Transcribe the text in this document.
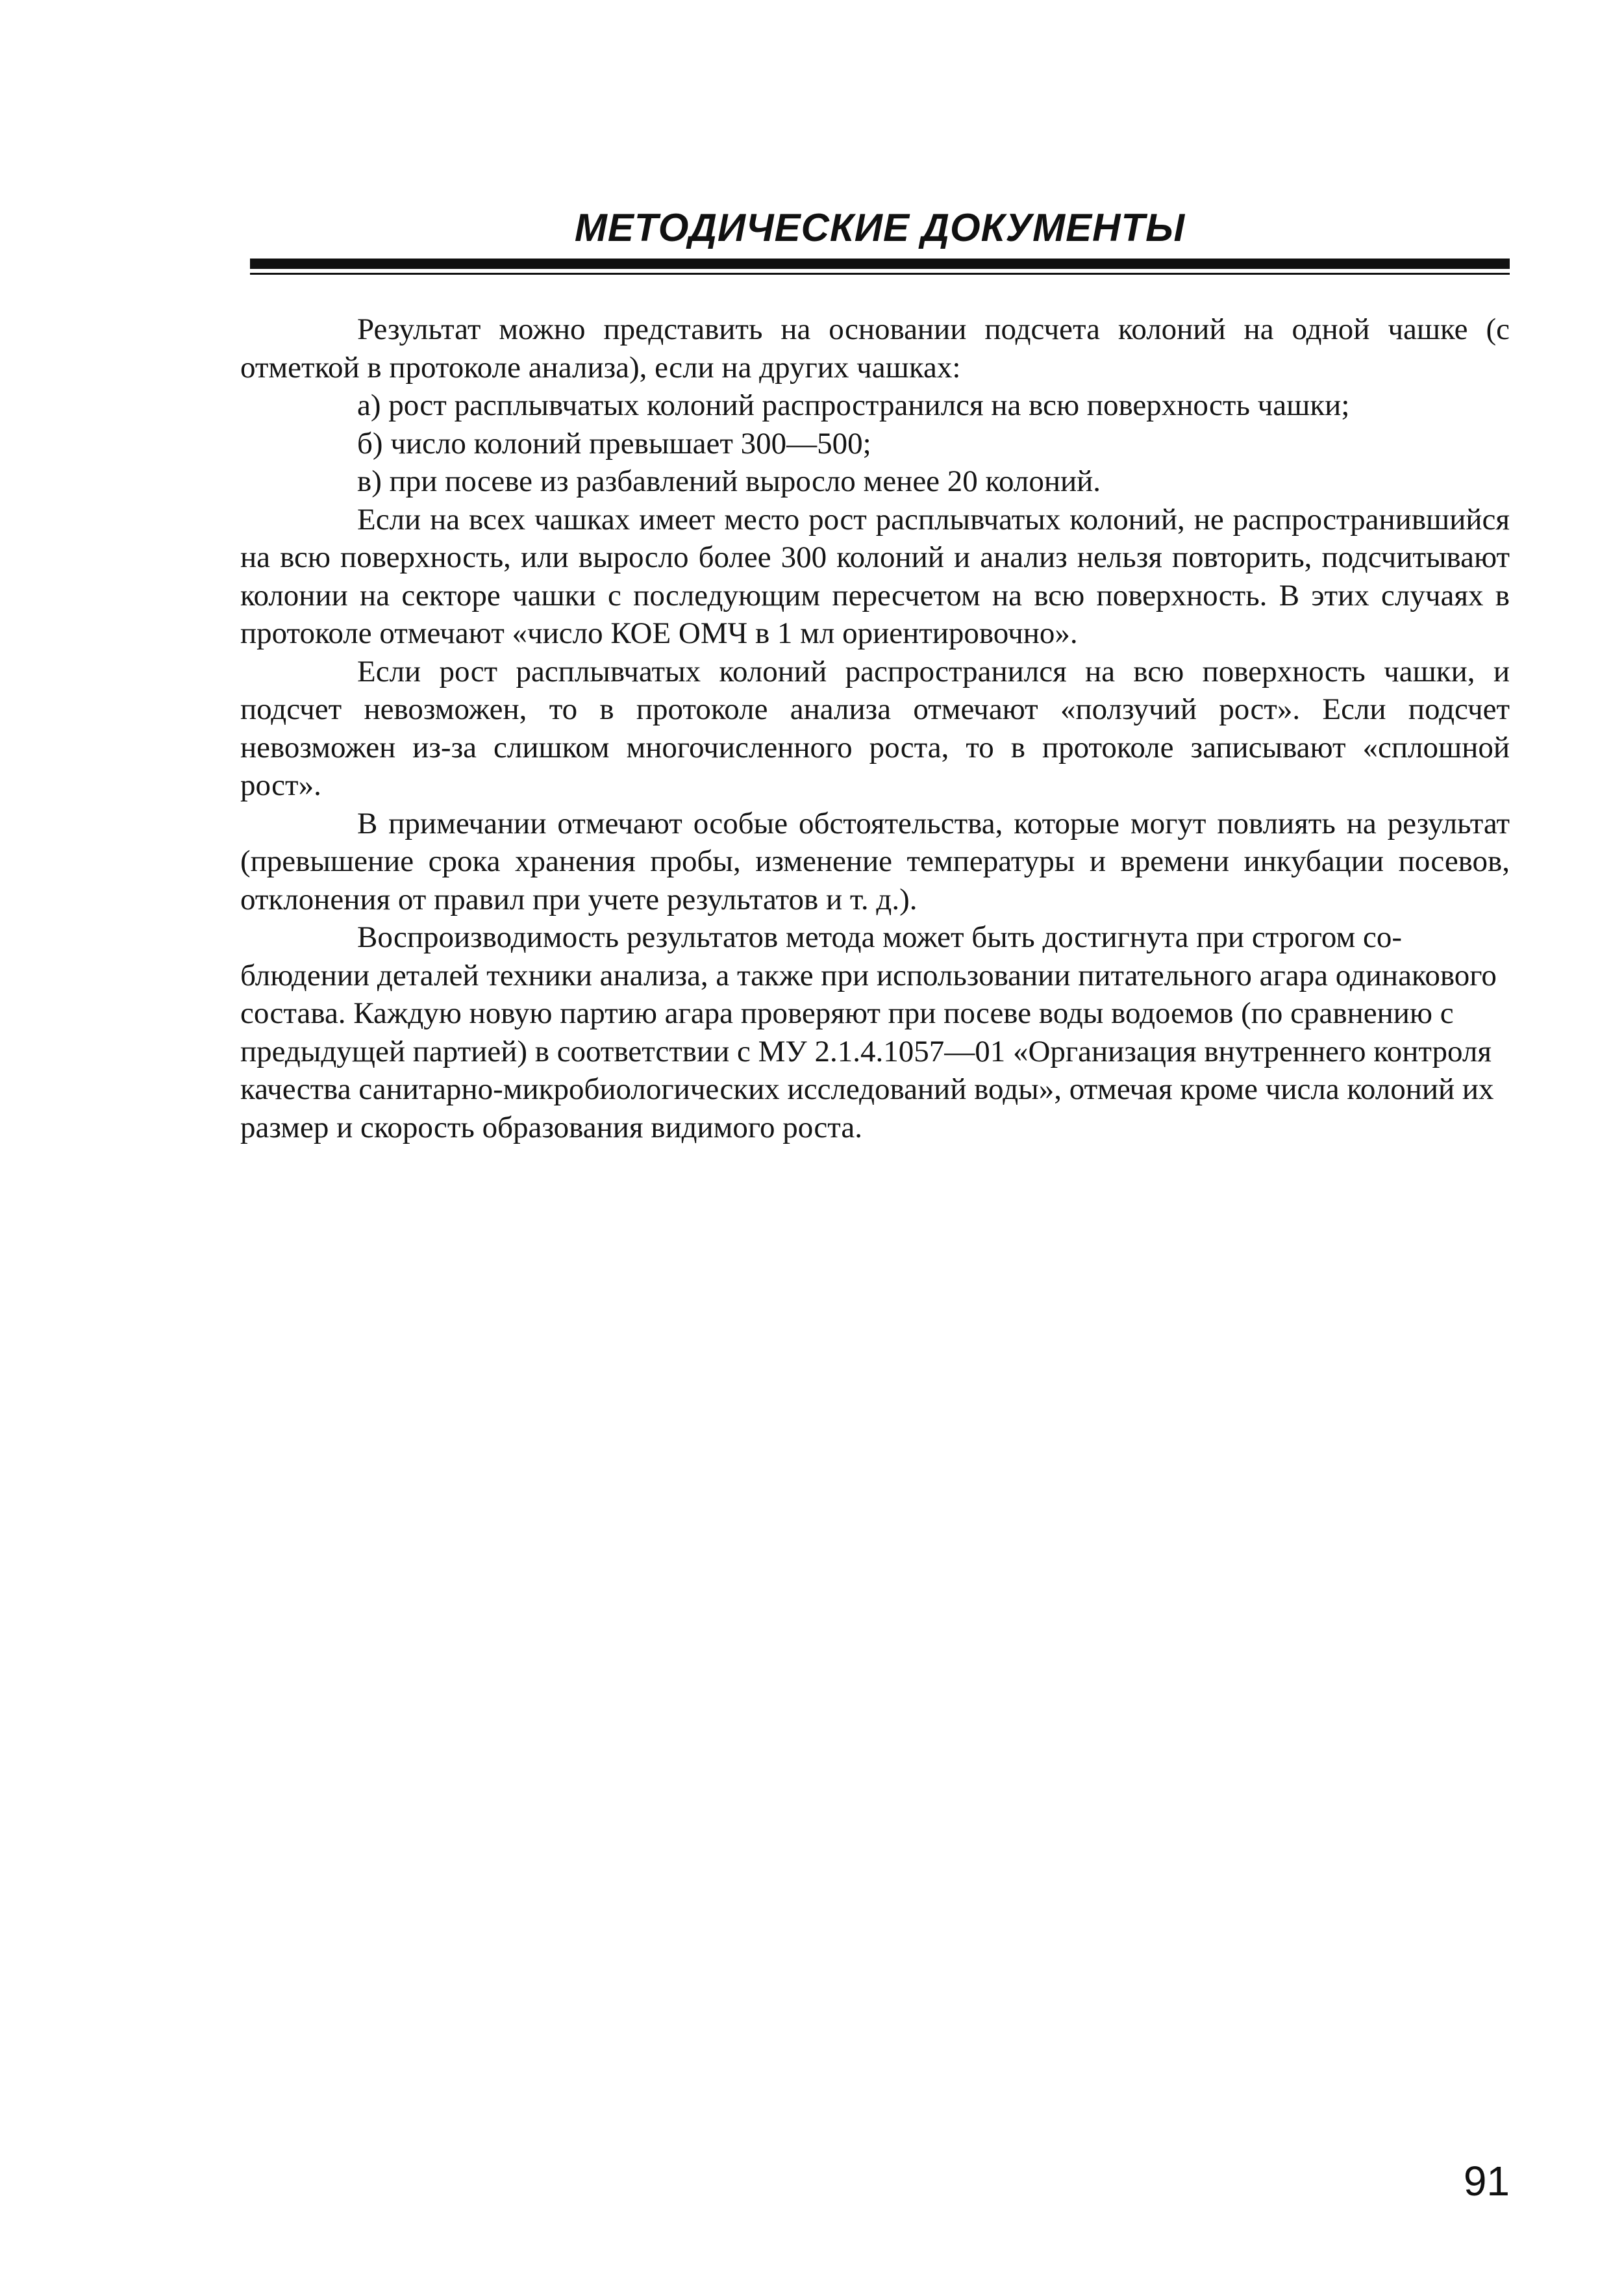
МЕТОДИЧЕСКИЕ ДОКУМЕНТЫ

Результат можно представить на основании подсчета колоний на одной чашке (с отметкой в протоколе анализа), если на других чашках:

а) рост расплывчатых колоний распространился на всю поверхность чашки;

б) число колоний превышает 300—500;

в) при посеве из разбавлений выросло менее 20 колоний.

Если на всех чашках имеет место рост расплывчатых колоний, не распространившийся на всю поверхность, или выросло более 300 колоний и анализ нельзя повторить, подсчитывают колонии на секторе чашки с последующим пересчетом на всю поверхность. В этих случаях в протоколе отмечают «число КОЕ ОМЧ в 1 мл ориентировочно».

Если рост расплывчатых колоний распространился на всю поверхность чашки, и подсчет невозможен, то в протоколе анализа отмечают «ползучий рост». Если подсчет невозможен из-за слишком многочисленного роста, то в протоколе записывают «сплошной рост».

В примечании отмечают особые обстоятельства, которые могут повлиять на результат (превышение срока хранения пробы, изменение температуры и времени инкубации посевов, отклонения от правил при учете результатов и т. д.).

Воспроизводимость результатов метода может быть достигнута при строгом соблюдении деталей техники анализа, а также при использовании питательного агара одинакового состава. Каждую новую партию агара проверяют при посеве воды водоемов (по сравнению с предыдущей партией) в соответствии с МУ 2.1.4.1057—01 «Организация внутреннего контроля качества санитарно-микробиологических исследований воды», отмечая кроме числа колоний их размер и скорость образования видимого роста.

91
